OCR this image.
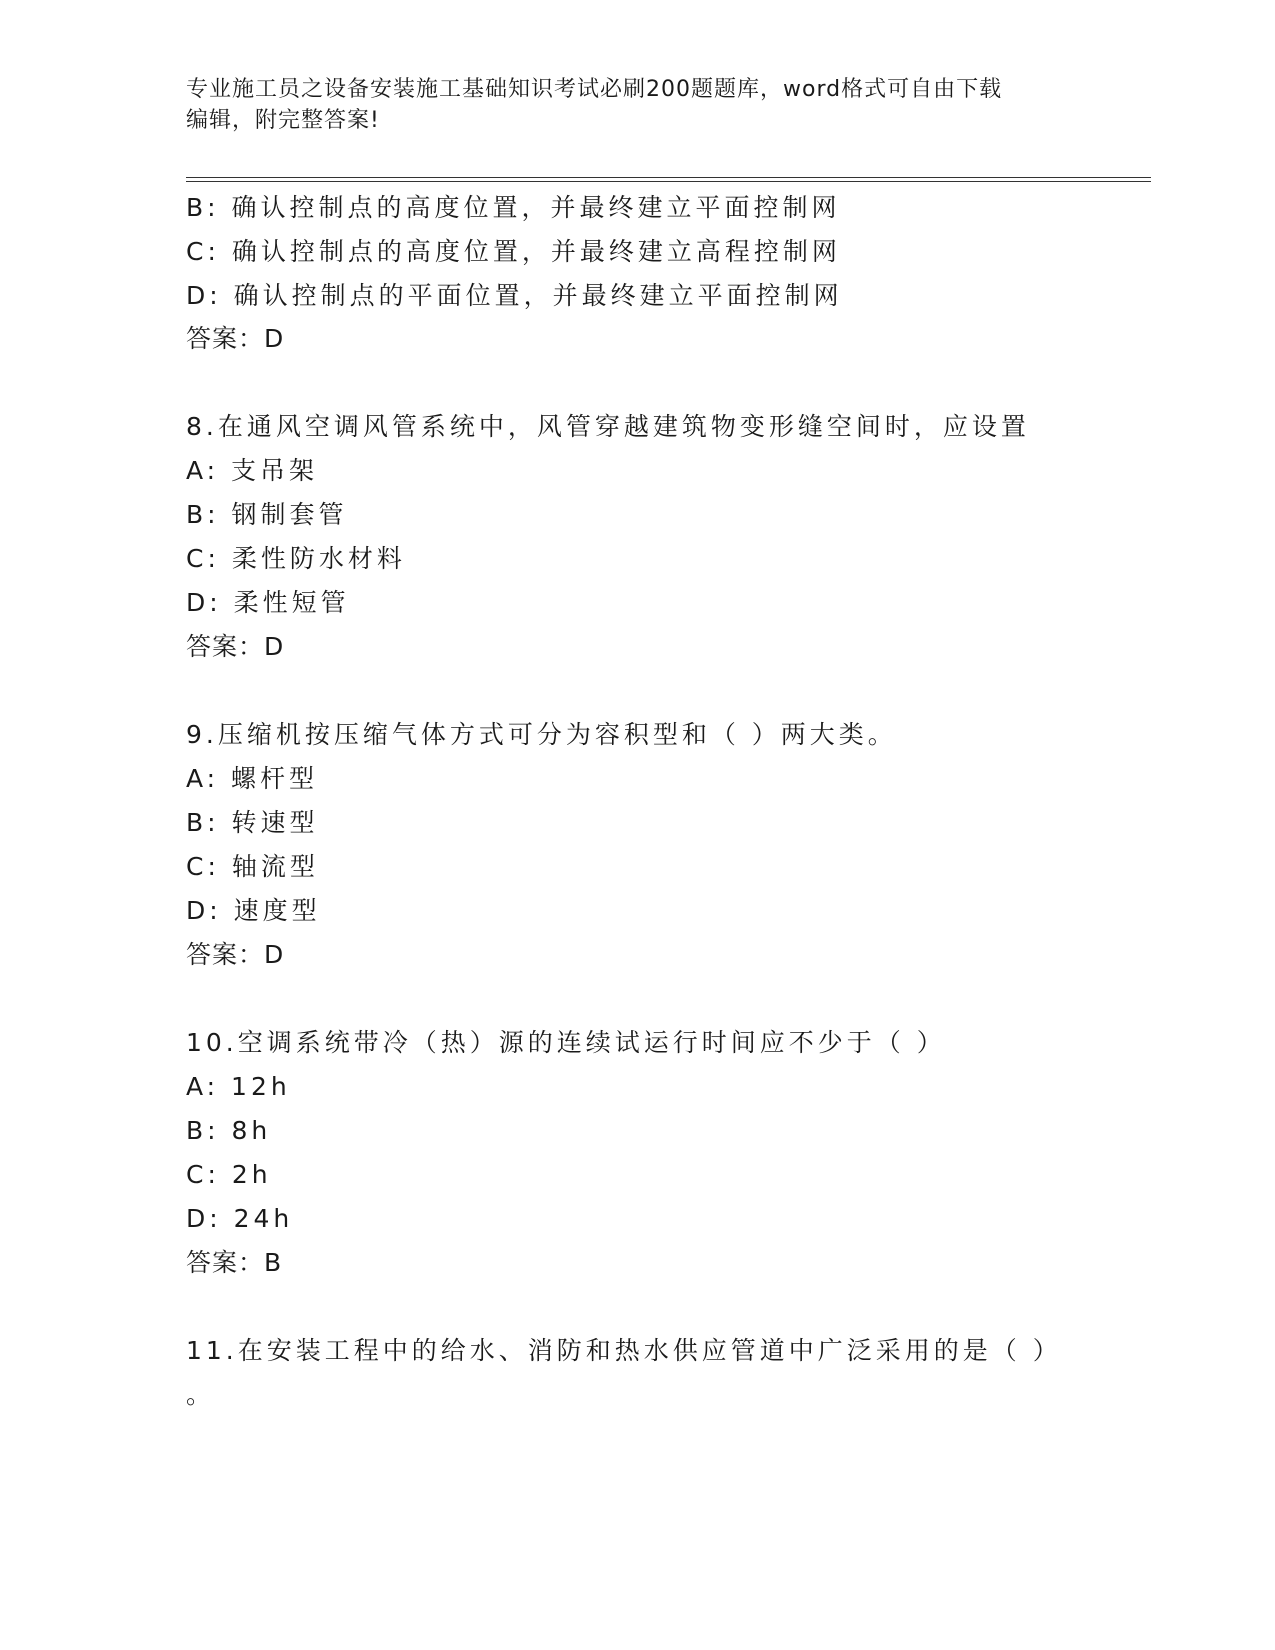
专业施工员之设备安装施工基础知识考试必刷200题题库，word格式可自由下载
编辑，附完整答案!
B: 确认控制点的高度位置，并最终建立平面控制网
C: 确认控制点的高度位置，并最终建立高程控制网
D: 确认控制点的平面位置，并最终建立平面控制网
答案：D
8.在通风空调风管系统中，风管穿越建筑物变形缝空间时，应设置
A: 支吊架
B: 钢制套管
C: 柔性防水材料
D: 柔性短管
答案：D
9.压缩机按压缩气体方式可分为容积型和（ ）两大类。
A: 螺杆型
B: 转速型
C: 轴流型
D: 速度型
答案：D
10.空调系统带冷（热）源的连续试运行时间应不少于（ ）
A: 12h
B: 8h
C: 2h
D: 24h
答案：B
11.在安装工程中的给水、消防和热水供应管道中广泛采用的是（ ）
。
